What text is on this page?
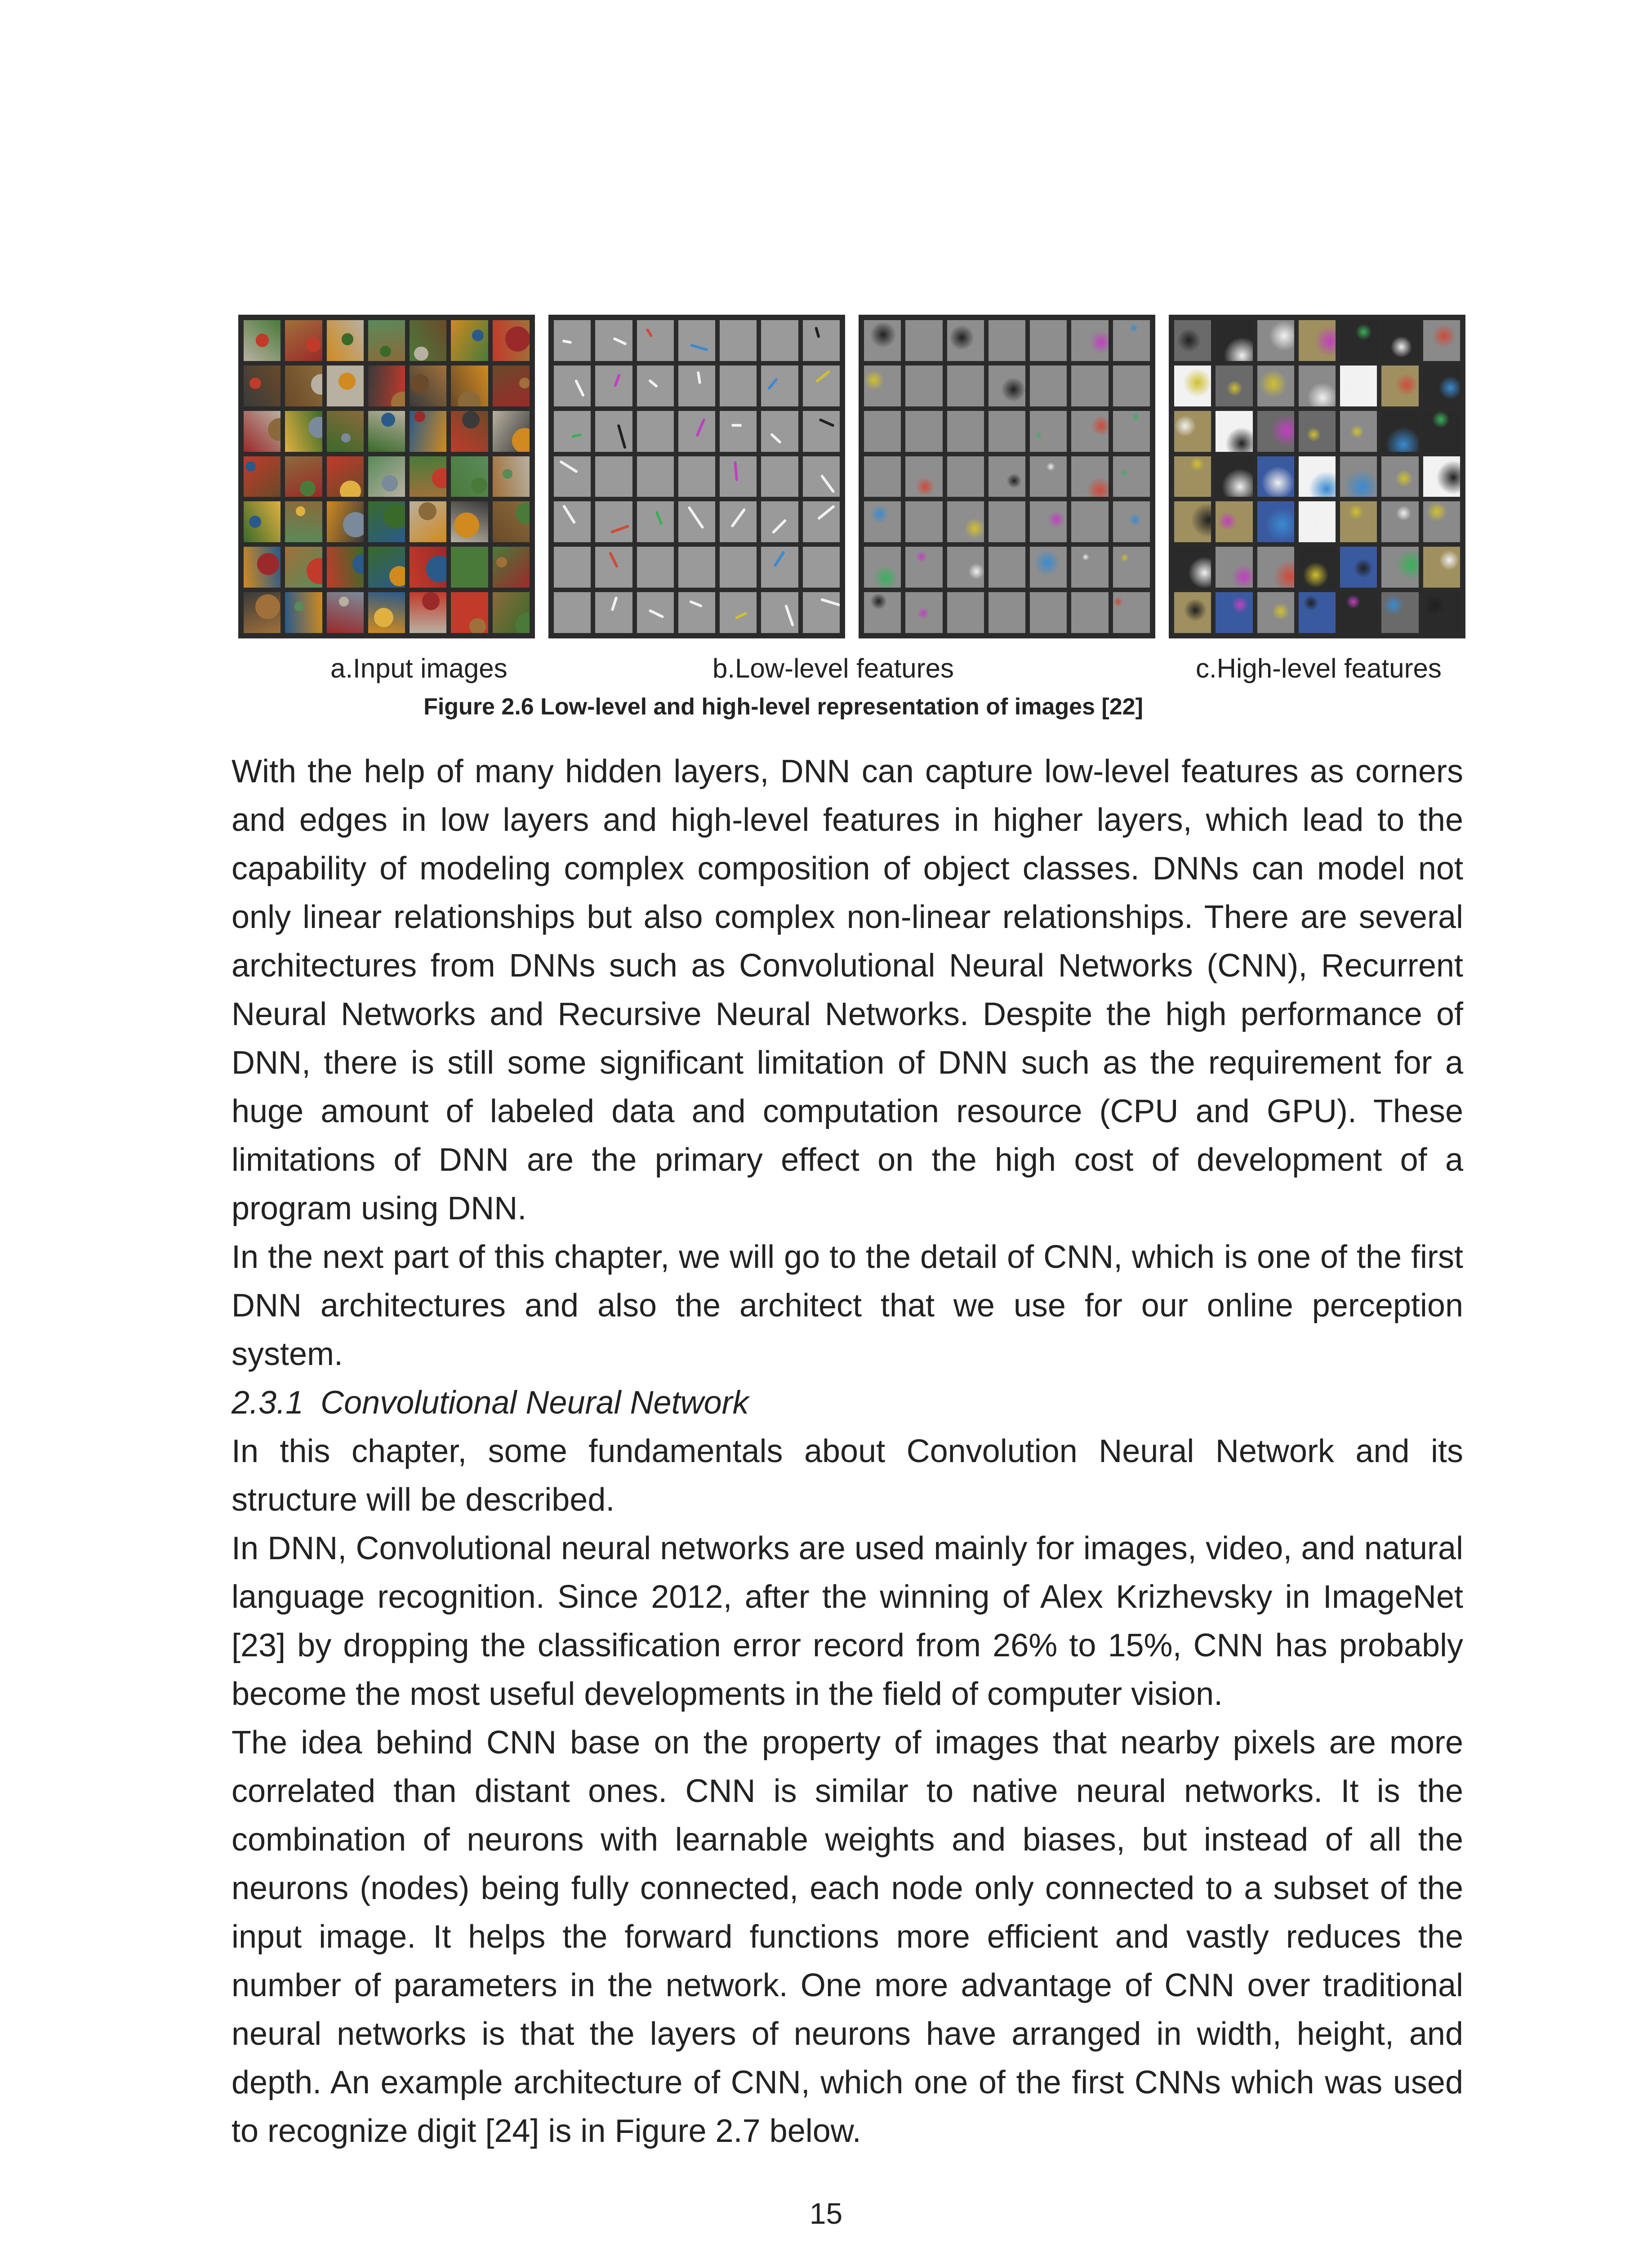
a.Input images	b.Low-level features	c.High-level features
Figure 2.6 Low-level and high-level representation of images [22]

With the help of many hidden layers, DNN can capture low-level features as corners and edges in low layers and high-level features in higher layers, which lead to the capability of modeling complex composition of object classes. DNNs can model not only linear relationships but also complex non-linear relationships. There are several architectures from DNNs such as Convolutional Neural Networks (CNN), Recurrent Neural Networks and Recursive Neural Networks. Despite the high performance of DNN, there is still some significant limitation of DNN such as the requirement for a huge amount of labeled data and computation resource (CPU and GPU). These limitations of DNN are the primary effect on the high cost of development of a program using DNN.

In the next part of this chapter, we will go to the detail of CNN, which is one of the first DNN architectures and also the architect that we use for our online perception system.

2.3.1 Convolutional Neural Network

In this chapter, some fundamentals about Convolution Neural Network and its structure will be described.

In DNN, Convolutional neural networks are used mainly for images, video, and natural language recognition. Since 2012, after the winning of Alex Krizhevsky in ImageNet [23] by dropping the classification error record from 26% to 15%, CNN has probably become the most useful developments in the field of computer vision.

The idea behind CNN base on the property of images that nearby pixels are more correlated than distant ones. CNN is similar to native neural networks. It is the combination of neurons with learnable weights and biases, but instead of all the neurons (nodes) being fully connected, each node only connected to a subset of the input image. It helps the forward functions more efficient and vastly reduces the number of parameters in the network. One more advantage of CNN over traditional neural networks is that the layers of neurons have arranged in width, height, and depth. An example architecture of CNN, which one of the first CNNs which was used to recognize digit [24] is in Figure 2.7 below.

15
